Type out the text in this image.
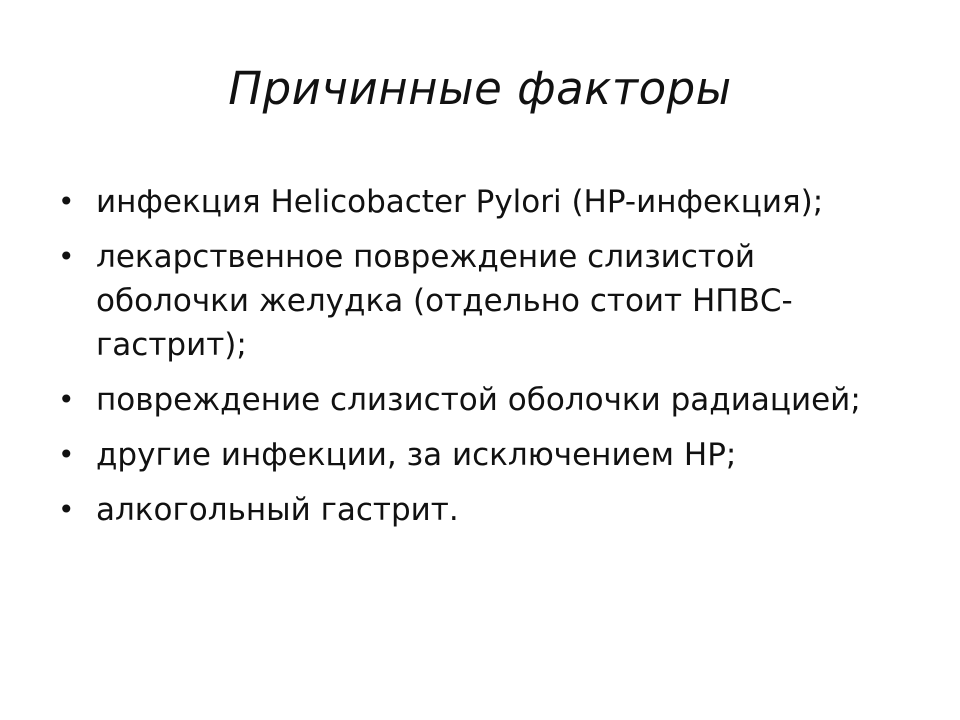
Причинные факторы
• инфекция Helicobacter Pylori (HP-инфекция);
• лекарственное повреждение слизистой оболочки желудка (отдельно стоит НПВС-гастрит);
• повреждение слизистой оболочки радиацией;
• другие инфекции, за исключением HP;
• алкогольный гастрит.
